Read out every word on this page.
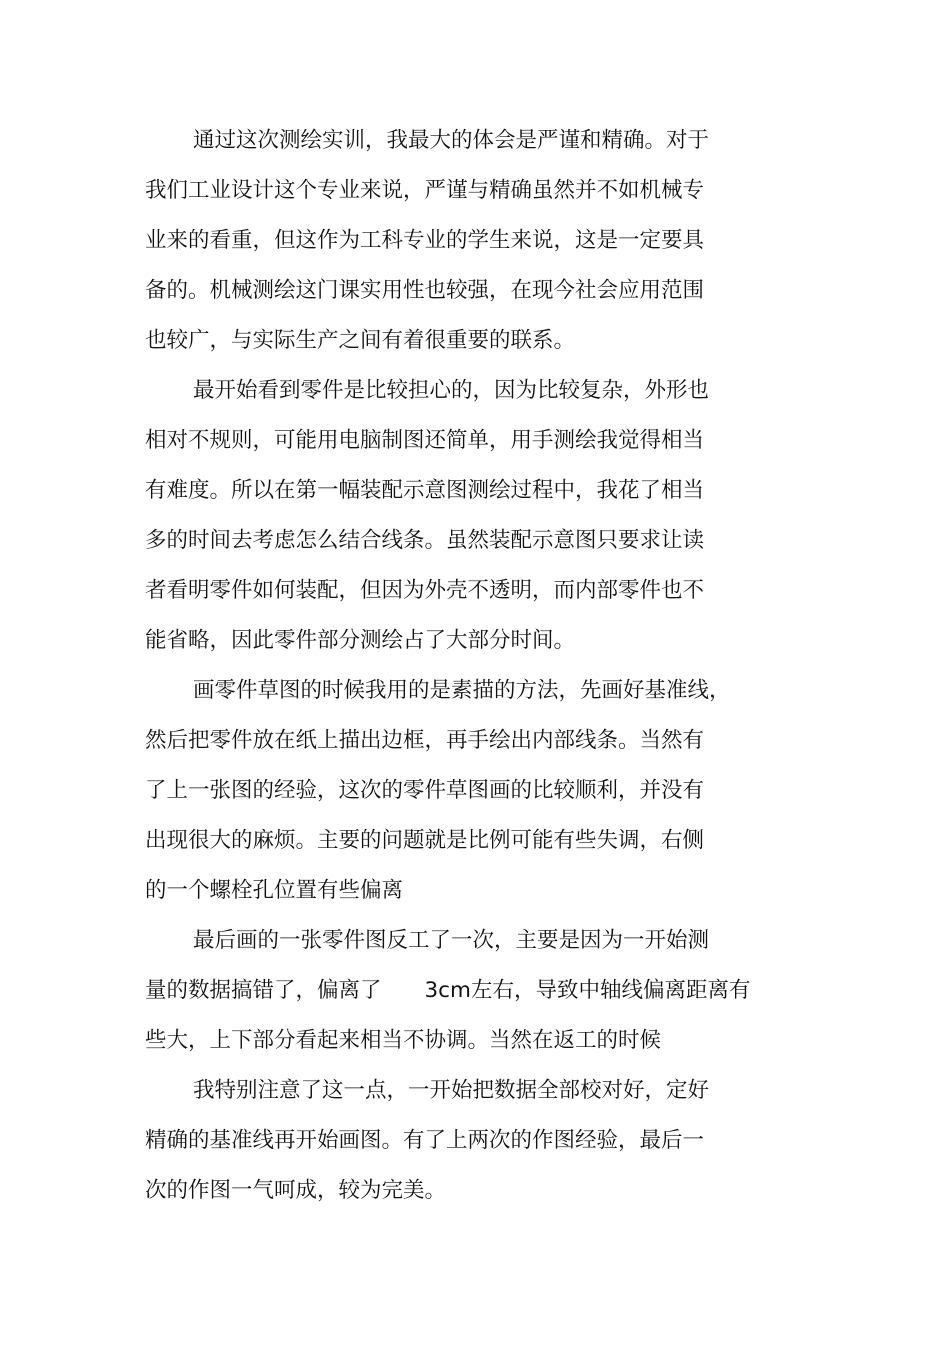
通过这次测绘实训，我最大的体会是严谨和精确。对于
我们工业设计这个专业来说，严谨与精确虽然并不如机械专
业来的看重，但这作为工科专业的学生来说，这是一定要具
备的。机械测绘这门课实用性也较强，在现今社会应用范围
也较广，与实际生产之间有着很重要的联系。
最开始看到零件是比较担心的，因为比较复杂，外形也
相对不规则，可能用电脑制图还简单，用手测绘我觉得相当
有难度。所以在第一幅装配示意图测绘过程中，我花了相当
多的时间去考虑怎么结合线条。虽然装配示意图只要求让读
者看明零件如何装配，但因为外壳不透明，而内部零件也不
能省略，因此零件部分测绘占了大部分时间。
画零件草图的时候我用的是素描的方法，先画好基准线，
然后把零件放在纸上描出边框，再手绘出内部线条。当然有
了上一张图的经验，这次的零件草图画的比较顺利，并没有
出现很大的麻烦。主要的问题就是比例可能有些失调，右侧
的一个螺栓孔位置有些偏离
最后画的一张零件图反工了一次，主要是因为一开始测
量的数据搞错了，偏离了　　3cm左右，导致中轴线偏离距离有
些大，上下部分看起来相当不协调。当然在返工的时候
我特别注意了这一点，一开始把数据全部校对好，定好
精确的基准线再开始画图。有了上两次的作图经验，最后一
次的作图一气呵成，较为完美。
